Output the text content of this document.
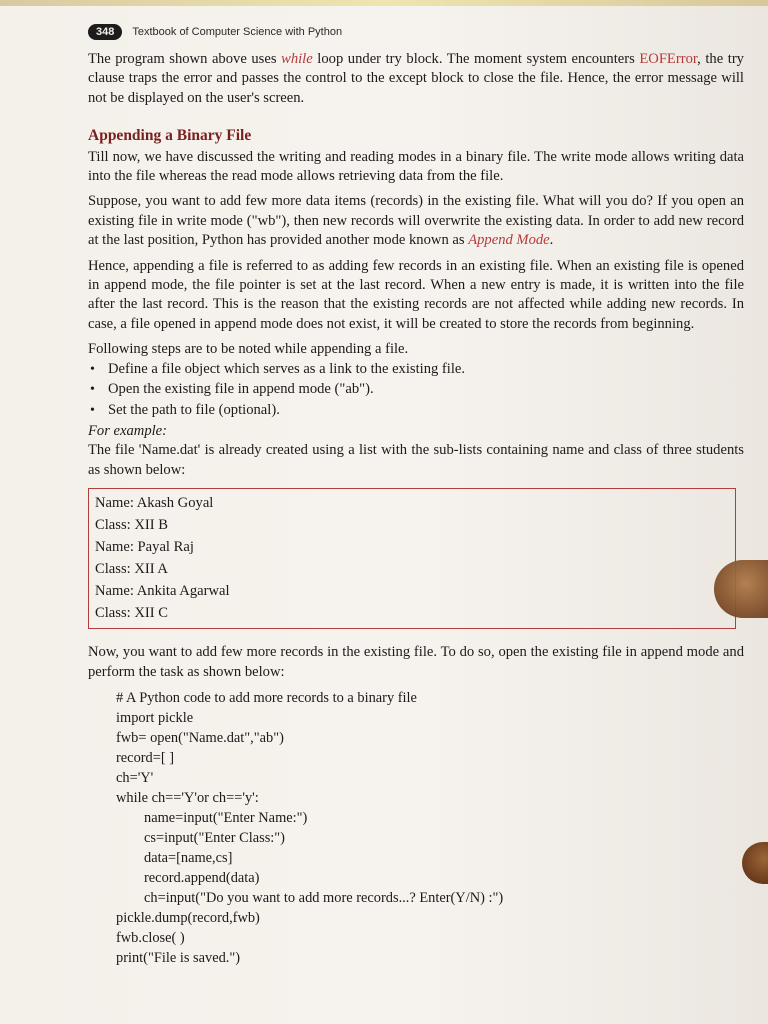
348	Textbook of Computer Science with Python

The program shown above uses while loop under try block. The moment system encounters EOFError, the try clause traps the error and passes the control to the except block to close the file. Hence, the error message will not be displayed on the user's screen.

Appending a Binary File

Till now, we have discussed the writing and reading modes in a binary file. The write mode allows writing data into the file whereas the read mode allows retrieving data from the file.

Suppose, you want to add few more data items (records) in the existing file. What will you do? If you open an existing file in write mode ("wb"), then new records will overwrite the existing data. In order to add new record at the last position, Python has provided another mode known as Append Mode.

Hence, appending a file is referred to as adding few records in an existing file. When an existing file is opened in append mode, the file pointer is set at the last record. When a new entry is made, it is written into the file after the last record. This is the reason that the existing records are not affected while adding new records. In case, a file opened in append mode does not exist, it will be created to store the records from beginning.

Following steps are to be noted while appending a file.
• Define a file object which serves as a link to the existing file.
• Open the existing file in append mode ("ab").
• Set the path to file (optional).
For example:

The file 'Name.dat' is already created using a list with the sub-lists containing name and class of three students as shown below:

Name: Akash Goyal
Class: XII B
Name: Payal Raj
Class: XII A
Name: Ankita Agarwal
Class: XII C

Now, you want to add few more records in the existing file. To do so, open the existing file in append mode and perform the task as shown below:

# A Python code to add more records to a binary file
import pickle
fwb= open("Name.dat","ab")
record=[ ]
ch='Y'
while ch=='Y'or ch=='y':
name=input("Enter Name:")
cs=input("Enter Class:")
data=[name,cs]
record.append(data)
ch=input("Do you want to add more records...? Enter(Y/N) :")
pickle.dump(record,fwb)
fwb.close( )
print("File is saved.")
